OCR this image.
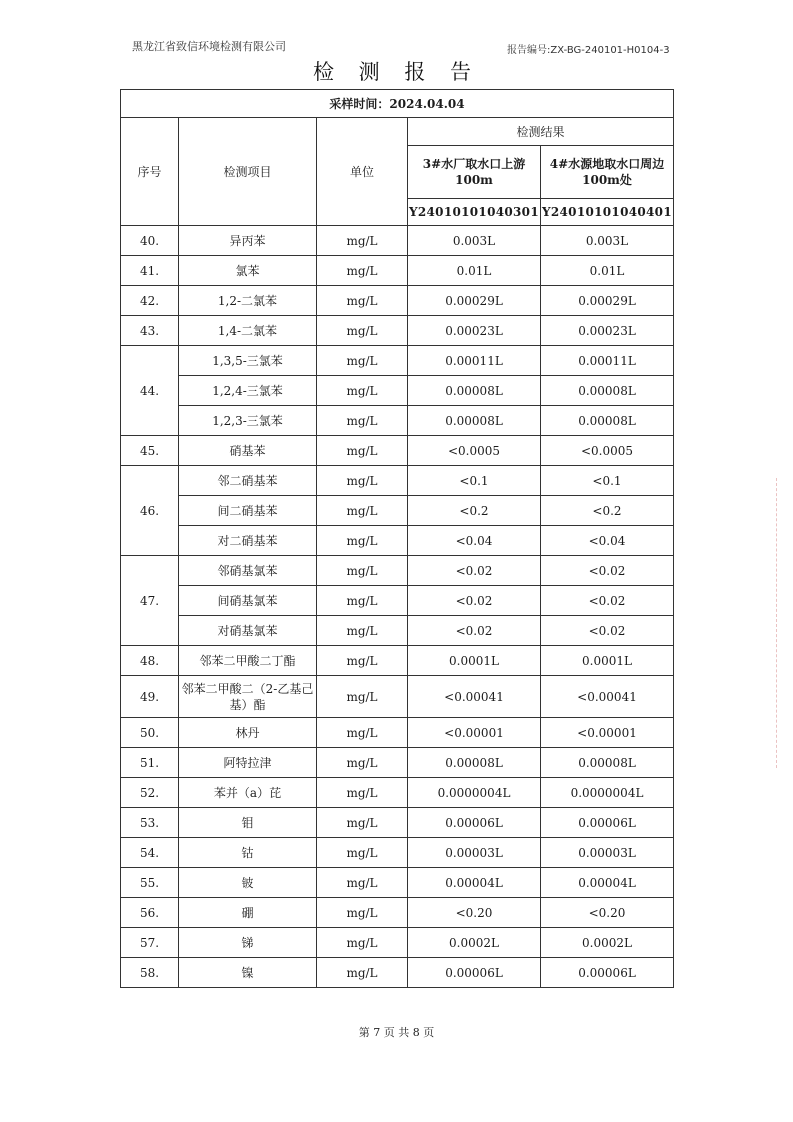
黑龙江省致信环境检测有限公司	报告编号:ZX-BG-240101-H0104-3
检 测 报 告
采样时间：2024.04.04				
序号	检测项目	单位	检测结果	
			3#水厂取水口上游100m	4#水源地取水口周边100m处
			Y24010101040301	Y24010101040401
40.	异丙苯	mg/L	0.003L	0.003L
41.	氯苯	mg/L	0.01L	0.01L
42.	1,2-二氯苯	mg/L	0.00029L	0.00029L
43.	1,4-二氯苯	mg/L	0.00023L	0.00023L
44.	1,3,5-三氯苯	mg/L	0.00011L	0.00011L
	1,2,4-三氯苯	mg/L	0.00008L	0.00008L
	1,2,3-三氯苯	mg/L	0.00008L	0.00008L
45.	硝基苯	mg/L	<0.0005	<0.0005
46.	邻二硝基苯	mg/L	<0.1	<0.1
	间二硝基苯	mg/L	<0.2	<0.2
	对二硝基苯	mg/L	<0.04	<0.04
47.	邻硝基氯苯	mg/L	<0.02	<0.02
	间硝基氯苯	mg/L	<0.02	<0.02
	对硝基氯苯	mg/L	<0.02	<0.02
48.	邻苯二甲酸二丁酯	mg/L	0.0001L	0.0001L
49.	邻苯二甲酸二（2-乙基己基）酯	mg/L	<0.00041	<0.00041
50.	林丹	mg/L	<0.00001	<0.00001
51.	阿特拉津	mg/L	0.00008L	0.00008L
52.	苯并（a）芘	mg/L	0.0000004L	0.0000004L
53.	钼	mg/L	0.00006L	0.00006L
54.	钴	mg/L	0.00003L	0.00003L
55.	铍	mg/L	0.00004L	0.00004L
56.	硼	mg/L	<0.20	<0.20
57.	锑	mg/L	0.0002L	0.0002L
58.	镍	mg/L	0.00006L	0.00006L
第 7 页 共 8 页
